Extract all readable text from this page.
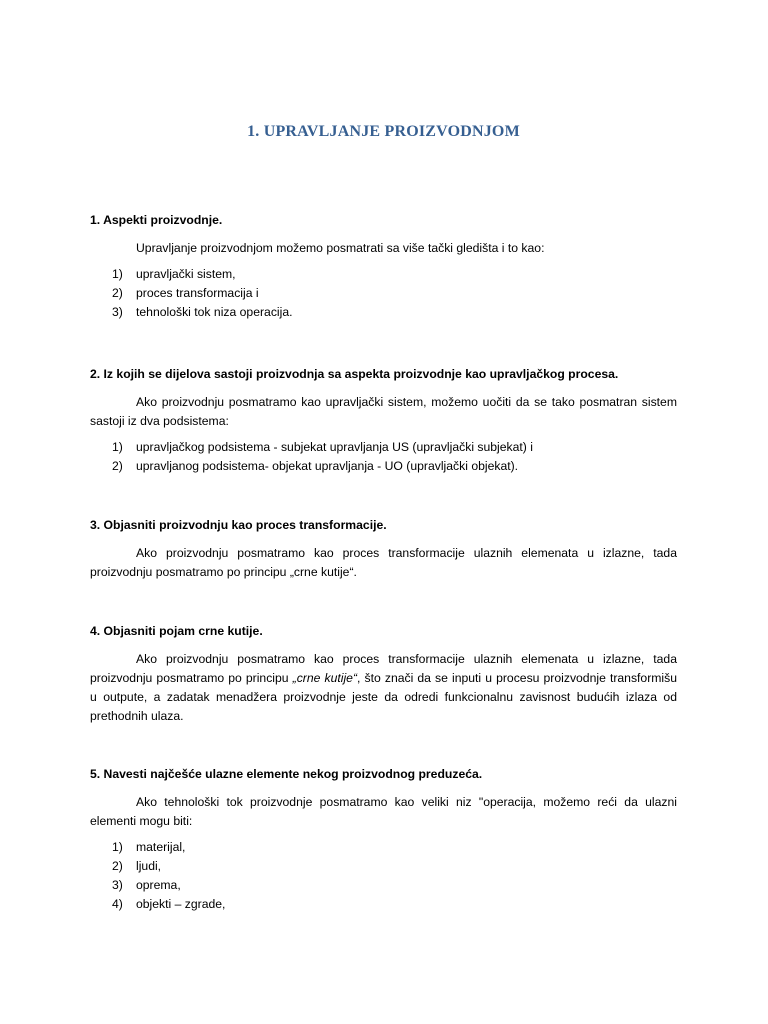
1. UPRAVLJANJE PROIZVODNJOM

1. Aspekti proizvodnje.

Upravljanje proizvodnjom možemo posmatrati sa više tački gledišta i to kao:

1)	upravljački sistem,
2)	proces transformacija i
3)	tehnološki tok niza operacija.

2. Iz kojih se dijelova sastoji proizvodnja sa aspekta proizvodnje kao upravljačkog procesa.

Ako proizvodnju posmatramo kao upravljački sistem, možemo uočiti da se tako posmatran sistem sastoji iz dva podsistema:

1)	upravljačkog podsistema - subjekat upravljanja US (upravljački subjekat) i
2)	upravljanog podsistema- objekat upravljanja - UO (upravljački objekat).

3. Objasniti proizvodnju kao proces transformacije.

Ako proizvodnju posmatramo kao proces transformacije ulaznih elemenata u izlazne, tada proizvodnju posmatramo po principu „crne kutije“.

4. Objasniti pojam crne kutije.

Ako proizvodnju posmatramo kao proces transformacije ulaznih elemenata u izlazne, tada proizvodnju posmatramo po principu „crne kutije“, što znači da se inputi u procesu proizvodnje transformišu u outpute, a zadatak menadžera proizvodnje jeste da odredi funkcionalnu zavisnost budućih izlaza od prethodnih ulaza.

5. Navesti najčešće ulazne elemente nekog proizvodnog preduzeća.

Ako tehnološki tok proizvodnje posmatramo kao veliki niz "operacija, možemo reći da ulazni elementi mogu biti:

1)	materijal,
2)	ljudi,
3)	oprema,
4)	objekti – zgrade,
